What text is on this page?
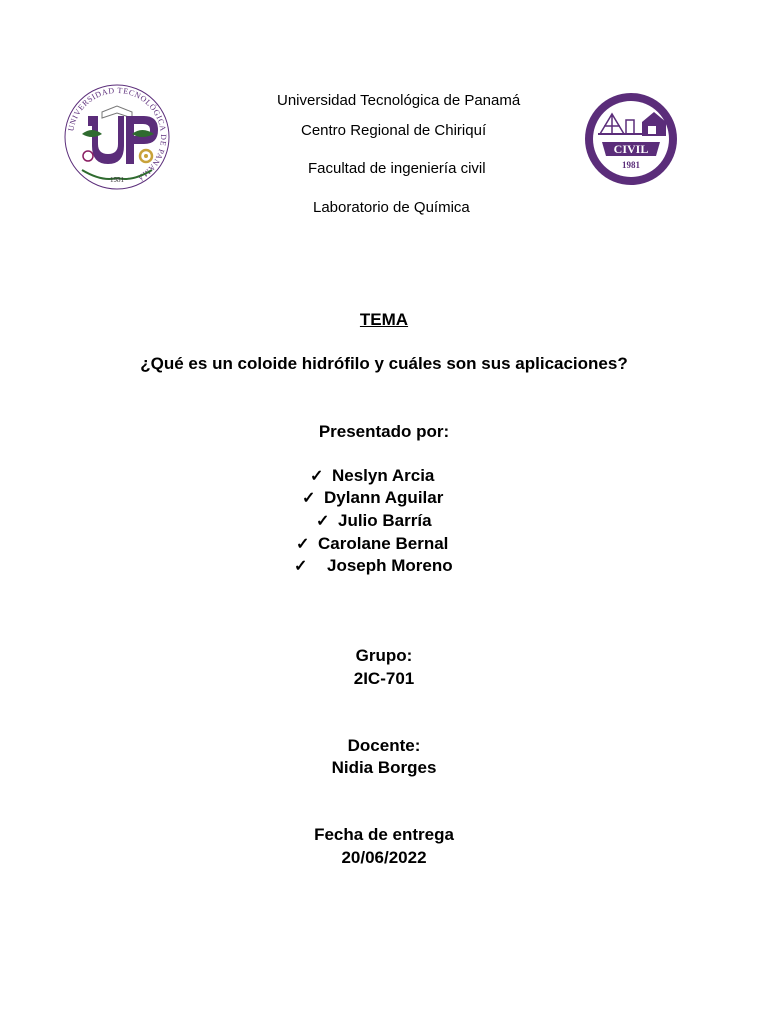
UNIVERSIDAD TECNOLÓGICA DE PANAMÁ
1981
CIVIL
1981
Universidad Tecnológica de Panamá
Centro Regional de Chiriquí
Facultad de ingeniería civil
Laboratorio de Química
TEMA
¿Qué es un coloide hidrófilo y cuáles son sus aplicaciones?
Presentado por:
✓ Neslyn Arcia
✓ Dylann Aguilar
✓ Julio Barría
✓ Carolane Bernal
✓ Joseph Moreno
Grupo:
2IC-701
Docente:
Nidia Borges
Fecha de entrega
20/06/2022
